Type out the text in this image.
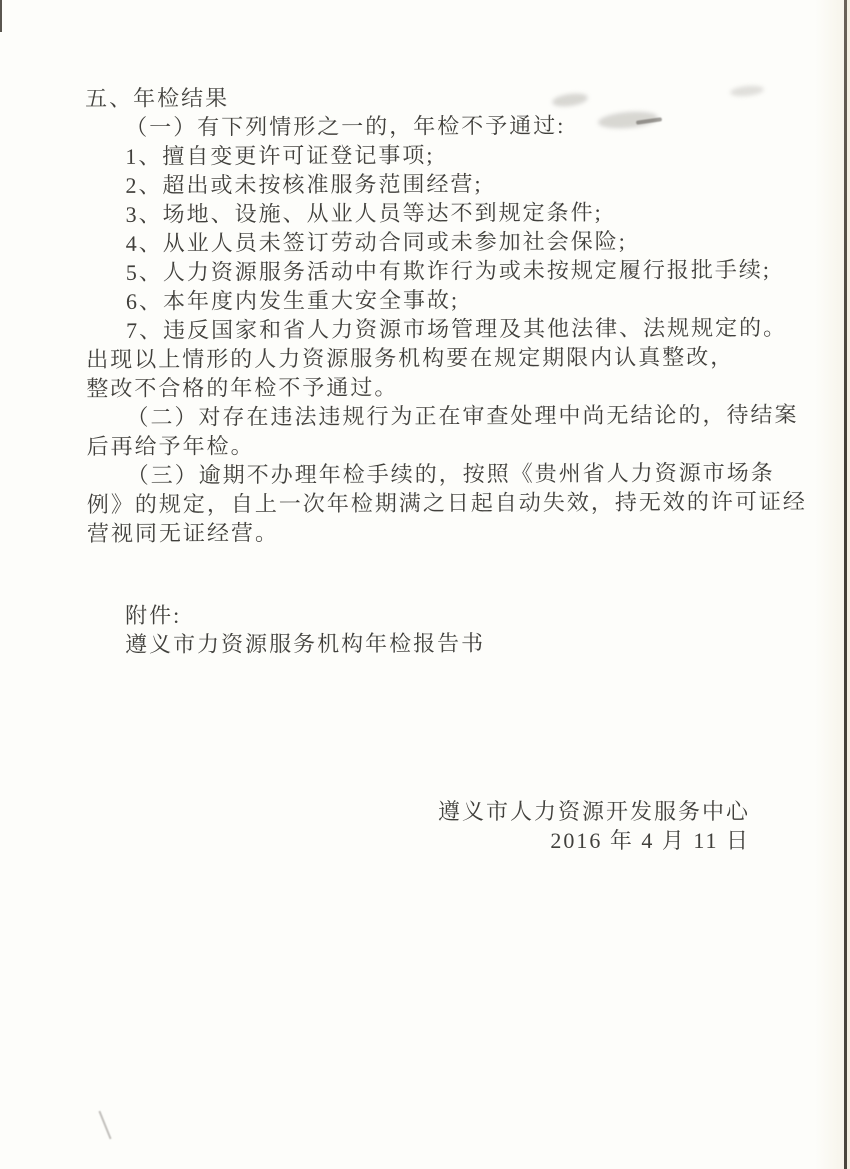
五、年检结果
（一）有下列情形之一的，年检不予通过:
1、擅自变更许可证登记事项;
2、超出或未按核准服务范围经营;
3、场地、设施、从业人员等达不到规定条件;
4、从业人员未签订劳动合同或未参加社会保险;
5、人力资源服务活动中有欺诈行为或未按规定履行报批手续;
6、本年度内发生重大安全事故;
7、违反国家和省人力资源市场管理及其他法律、法规规定的。
出现以上情形的人力资源服务机构要在规定期限内认真整改，
整改不合格的年检不予通过。
（二）对存在违法违规行为正在审查处理中尚无结论的，待结案
后再给予年检。
（三）逾期不办理年检手续的，按照《贵州省人力资源市场条
例》的规定，自上一次年检期满之日起自动失效，持无效的许可证经
营视同无证经营。
附件:
遵义市力资源服务机构年检报告书
遵义市人力资源开发服务中心
2016 年 4 月 11 日
